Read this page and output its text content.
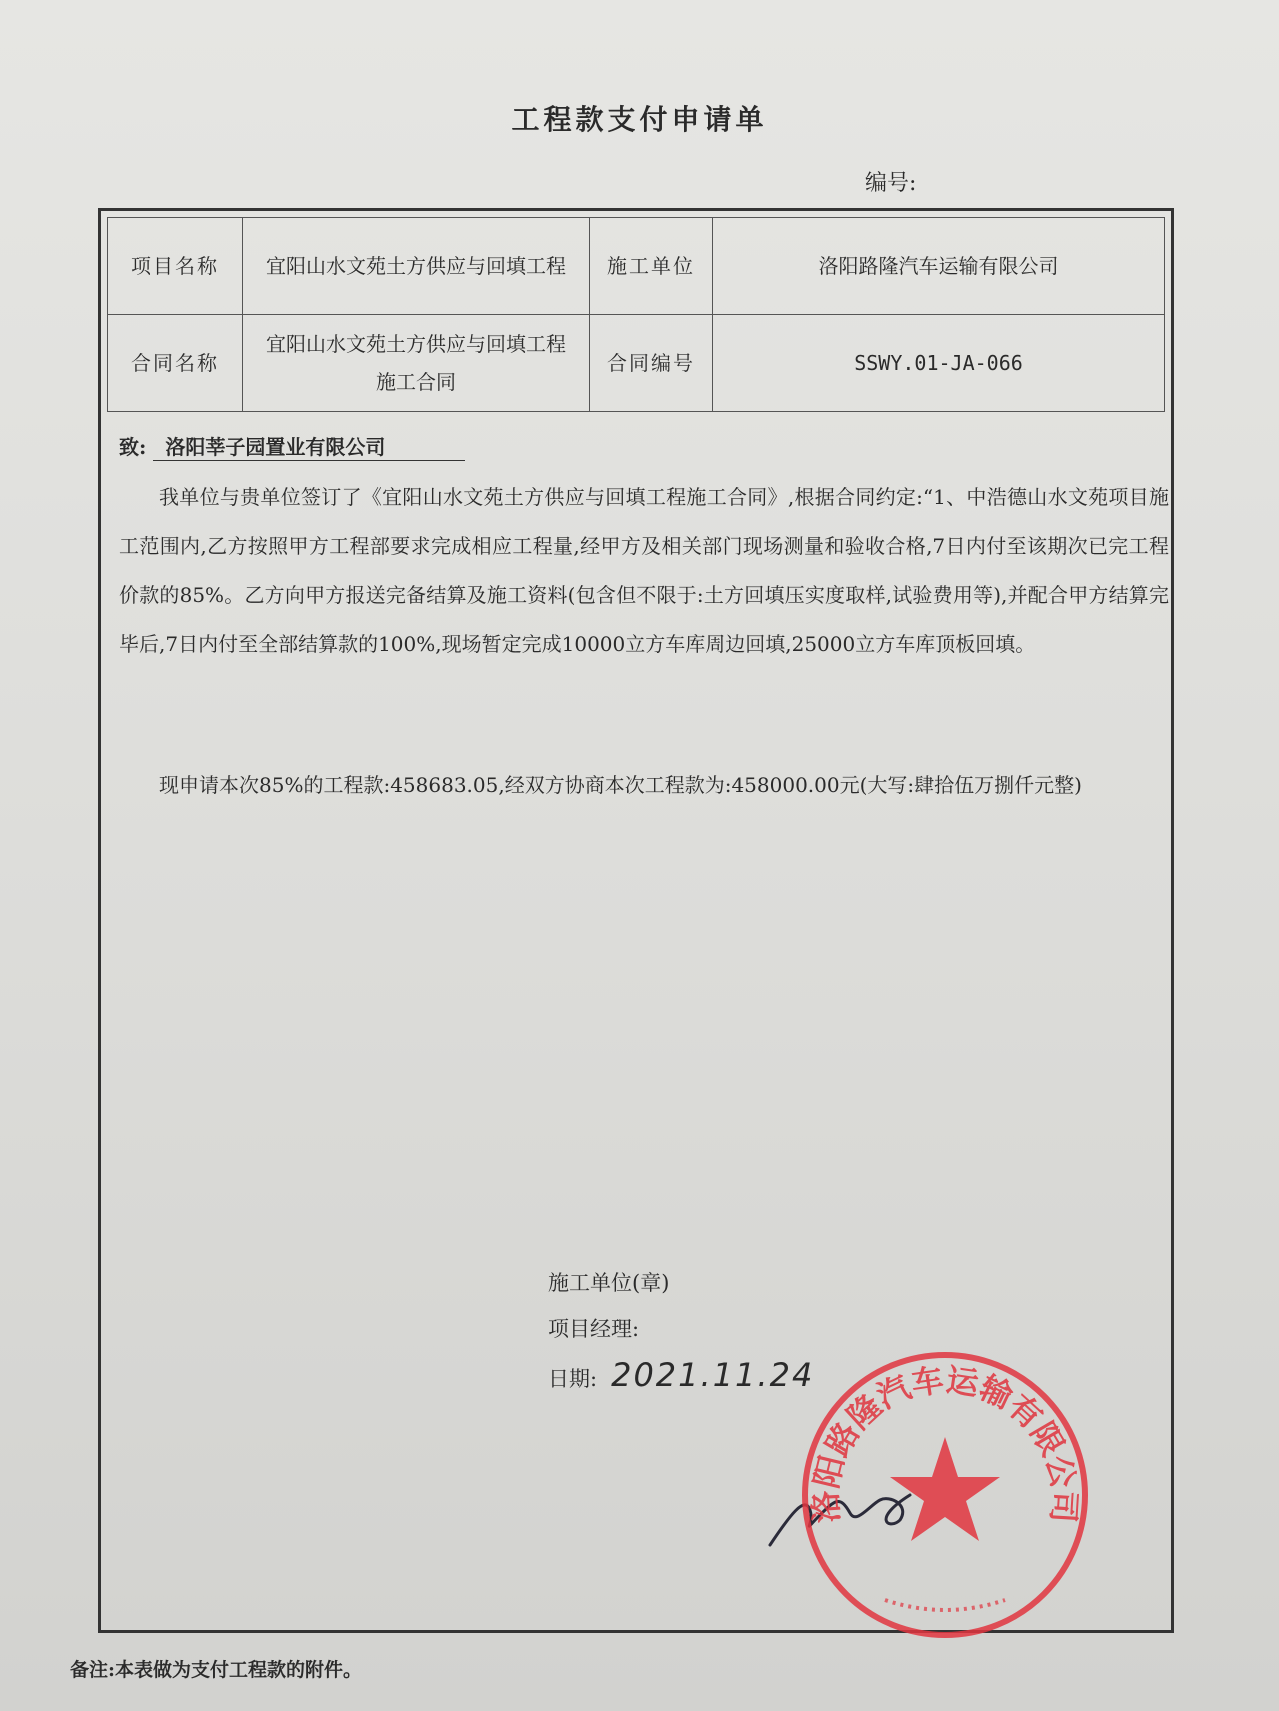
工程款支付申请单
编号:
项目名称	宜阳山水文苑土方供应与回填工程	施工单位	洛阳路隆汽车运输有限公司
合同名称	宜阳山水文苑土方供应与回填工程施工合同	合同编号	SSWY.01-JA-066
致: 洛阳莘子园置业有限公司
我单位与贵单位签订了《宜阳山水文苑土方供应与回填工程施工合同》,根据合同约定:“1、中浩德山水文苑项目施工范围内,乙方按照甲方工程部要求完成相应工程量,经甲方及相关部门现场测量和验收合格,7日内付至该期次已完工程价款的85%。乙方向甲方报送完备结算及施工资料(包含但不限于:土方回填压实度取样,试验费用等),并配合甲方结算完毕后,7日内付至全部结算款的100%,现场暂定完成10000立方车库周边回填,25000立方车库顶板回填。
现申请本次85%的工程款:458683.05,经双方协商本次工程款为:458000.00元(大写:肆拾伍万捌仟元整)
施工单位(章)
项目经理:
日期: 2021.11.24
洛阳路隆汽车运输有限公司
备注:本表做为支付工程款的附件。
